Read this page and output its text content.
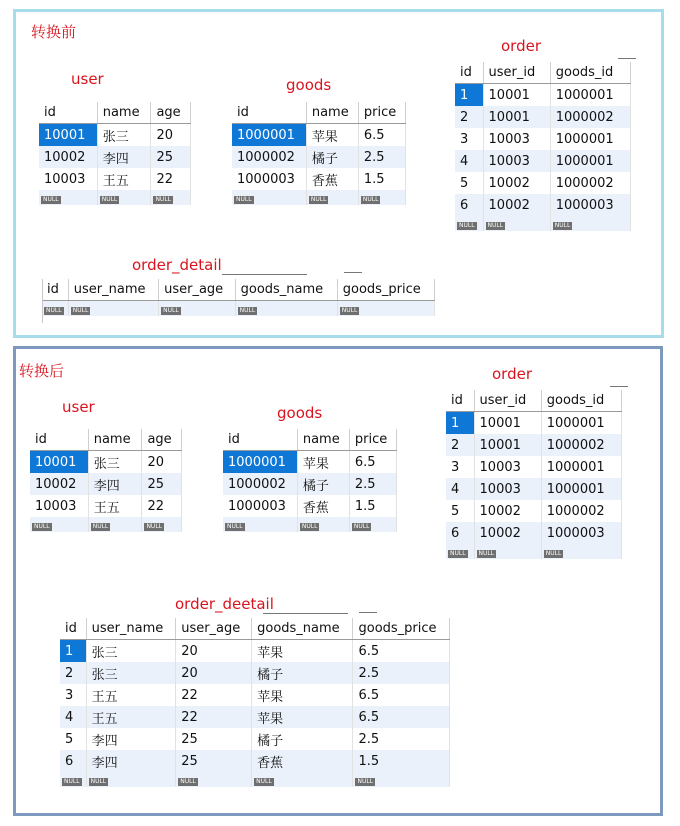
转换前
user
id	name	age
10001	张三	20
10002	李四	25
10003	王五	22
NULL	NULL	NULL
goods
id	name	price
1000001	苹果	6.5
1000002	橘子	2.5
1000003	香蕉	1.5
NULL	NULL	NULL
order
id	user_id	goods_id
1	10001	1000001
2	10001	1000002
3	10003	1000001
4	10003	1000001
5	10002	1000002
6	10002	1000003
NULL	NULL	NULL
order_detail
id	user_name	user_age	goods_name	goods_price
NULL	NULL	NULL	NULL	NULL
转换后
user
id	name	age
10001	张三	20
10002	李四	25
10003	王五	22
NULL	NULL	NULL
goods
id	name	price
1000001	苹果	6.5
1000002	橘子	2.5
1000003	香蕉	1.5
NULL	NULL	NULL
order
id	user_id	goods_id
1	10001	1000001
2	10001	1000002
3	10003	1000001
4	10003	1000001
5	10002	1000002
6	10002	1000003
NULL	NULL	NULL
order_deetail
id	user_name	user_age	goods_name	goods_price
1	张三	20	苹果	6.5
2	张三	20	橘子	2.5
3	王五	22	苹果	6.5
4	王五	22	苹果	6.5
5	李四	25	橘子	2.5
6	李四	25	香蕉	1.5
NULL	NULL	NULL	NULL	NULL
